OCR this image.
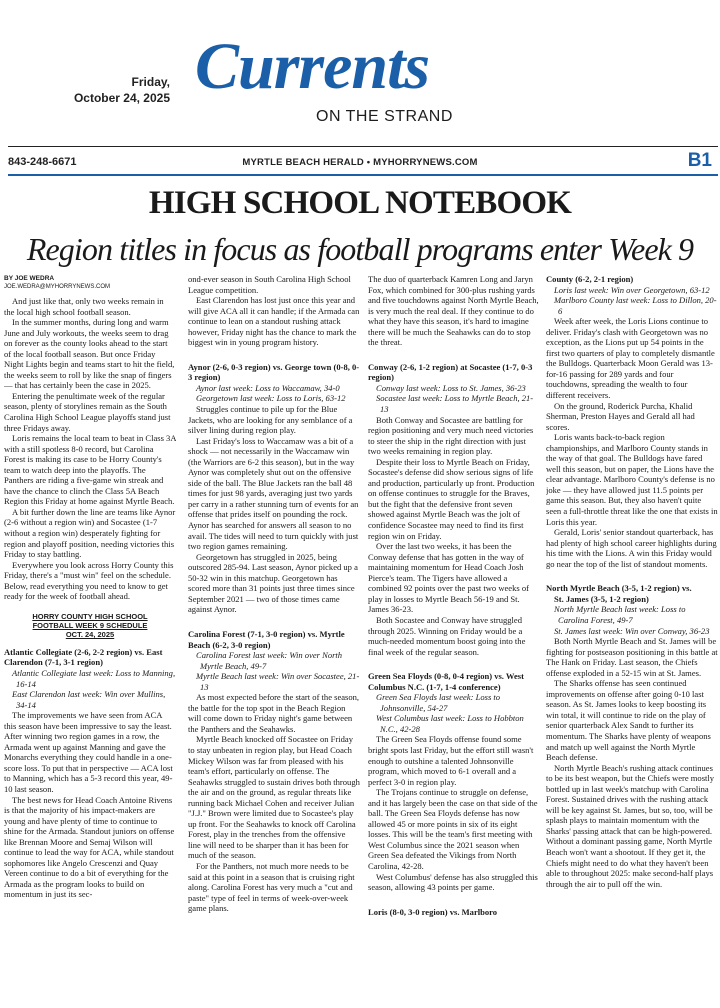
Friday,
October 24, 2025 Currents
ON THE STRAND
843-248-6671	MYRTLE BEACH HERALD • MYHORRYNEWS.COM	B1
HIGH SCHOOL NOTEBOOK
Region titles in focus as football programs enter Week 9
BY JOE WEDRA
JOE.WEDRA@MYHORRYNEWS.COM

And just like that, only two weeks remain in the local high school football season.

In the summer months, during long and warm June and July workouts, the weeks seem to drag on forever as the county looks ahead to the start of the local football season. But once Friday Night Lights begin and teams start to hit the field, the weeks seem to roll by like the snap of fingers — that has certainly been the case in 2025.

Entering the penultimate week of the regular season, plenty of storylines remain as the South Carolina High School League playoffs stand just three Fridays away.

Loris remains the local team to beat in Class 3A with a still spotless 8-0 record, but Carolina Forest is making its case to be Horry County's team to watch deep into the playoffs. The Panthers are riding a five-game win streak and have the chance to clinch the Class 5A Beach Region this Friday at home against Myrtle Beach.

A bit further down the line are teams like Aynor (2-6 without a region win) and Socastee (1-7 without a region win) desperately fighting for region and playoff position, needing victories this Friday to stay battling.

Everywhere you look across Horry County this Friday, there's a "must win" feel on the schedule. Below, read everything you need to know to get ready for the week of football ahead.

HORRY COUNTY HIGH SCHOOL
FOOTBALL WEEK 9 SCHEDULE
OCT. 24, 2025
Atlantic Collegiate (2-6, 2-2 region) vs. East Clarendon (7-1, 3-1 region)
Atlantic Collegiate last week: Loss to Manning, 16-14
East Clarendon last week: Win over Mullins, 34-14

The improvements we have seen from ACA this season have been impressive to say the least. After winning two region games in a row, the Armada went up against Manning and gave the Monarchs everything they could handle in a one-score loss. To put that in perspective — ACA lost to Manning, which has a 5-3 record this year, 49-10 last season.

The best news for Head Coach Antoine Rivens is that the majority of his impact-makers are young and have plenty of time to continue to shine for the Armada. Standout juniors on offense like Brennan Moore and Semaj Wilson will continue to lead the way for ACA, while standout sophomores like Angelo Crescenzi and Quay Vereen continue to do a bit of everything for the Armada as the program looks to build on momentum in just its sec-

ond-ever season in South Carolina High School League competition.

East Clarendon has lost just once this year and will give ACA all it can handle; if the Armada can continue to lean on a standout rushing attack however, Friday night has the chance to mark the biggest win in young program history.

Aynor (2-6, 0-3 region) vs. George town (0-8, 0-3 region)
Aynor last week: Loss to Waccamaw, 34-0
Georgetown last week: Loss to Loris, 63-12

Struggles continue to pile up for the Blue Jackets, who are looking for any semblance of a silver lining during region play.

Last Friday's loss to Waccamaw was a bit of a shock — not necessarily in the Waccamaw win (the Warriors are 6-2 this season), but in the way Aynor was completely shut out on the offensive side of the ball. The Blue Jackets ran the ball 48 times for just 98 yards, averaging just two yards per carry in a rather stunning turn of events for an offense that prides itself on pounding the rock. Aynor has searched for answers all season to no avail. The tides will need to turn quickly with just two region games remaining.

Georgetown has struggled in 2025, being outscored 285-94. Last season, Aynor picked up a 50-32 win in this matchup. Georgetown has scored more than 31 points just three times since September 2021 — two of those times came against Aynor.

Carolina Forest (7-1, 3-0 region) vs. Myrtle Beach (6-2, 3-0 region)
Carolina Forest last week: Win over North Myrtle Beach, 49-7
Myrtle Beach last week: Win over Socastee, 21-13

As most expected before the start of the season, the battle for the top spot in the Beach Region will come down to Friday night's game between the Panthers and the Seahawks.

Myrtle Beach knocked off Socastee on Friday to stay unbeaten in region play, but Head Coach Mickey Wilson was far from pleased with his team's effort, particularly on offense. The Seahawks struggled to sustain drives both through the air and on the ground, as regular threats like running back Michael Cohen and receiver Julian "J.J." Brown were limited due to Socastee's play up front. For the Seahawks to knock off Carolina Forest, play in the trenches from the offensive line will need to be sharper than it has been for much of the season.

For the Panthers, not much more needs to be said at this point in a season that is cruising right along. Carolina Forest has very much a "cut and paste" type of feel in terms of week-over-week game plans.

The duo of quarterback Kamren Long and Jaryn Fox, which combined for 300-plus rushing yards and five touchdowns against North Myrtle Beach, is very much the real deal. If they continue to do what they have this season, it's hard to imagine there will be much the Seahawks can do to stop the threat.

Conway (2-6, 1-2 region) at Socastee (1-7, 0-3 region)
Conway last week: Loss to St. James, 36-23
Socastee last week: Loss to Myrtle Beach, 21-13

Both Conway and Socastee are battling for region positioning and very much need victories to steer the ship in the right direction with just two weeks remaining in region play.

Despite their loss to Myrtle Beach on Friday, Socastee's defense did show serious signs of life and production, particularly up front. Production on offense continues to struggle for the Braves, but the fight that the defensive front seven showed against Myrtle Beach was the jolt of confidence Socastee may need to find its first region win on Friday.

Over the last two weeks, it has been the Conway defense that has gotten in the way of maintaining momentum for Head Coach Josh Pierce's team. The Tigers have allowed a combined 92 points over the past two weeks of play in losses to Myrtle Beach 56-19 and St. James 36-23.

Both Socastee and Conway have struggled through 2025. Winning on Friday would be a much-needed momentum boost going into the final week of the regular season.

Green Sea Floyds (0-8, 0-4 region) vs. West Columbus N.C. (1-7, 1-4 conference)
Green Sea Floyds last week: Loss to Johnsonville, 54-27
West Columbus last week: Loss to Hobbton N.C., 42-28

The Green Sea Floyds offense found some bright spots last Friday, but the effort still wasn't enough to outshine a talented Johnsonville program, which moved to 6-1 overall and a perfect 3-0 in region play.

The Trojans continue to struggle on defense, and it has largely been the case on that side of the ball. The Green Sea Floyds defense has now allowed 45 or more points in six of its eight losses. This will be the team's first meeting with West Columbus since the 2021 season when Green Sea defeated the Vikings from North Carolina, 42-28.

West Columbus' defense has also struggled this season, allowing 43 points per game.

Loris (8-0, 3-0 region) vs. Marlboro
County (6-2, 2-1 region)
Loris last week: Win over Georgetown, 63-12
Marlboro County last week: Loss to Dillon, 20-6

Week after week, the Loris Lions continue to deliver. Friday's clash with Georgetown was no exception, as the Lions put up 54 points in the first two quarters of play to completely dismantle the Bulldogs. Quarterback Moon Gerald was 13-for-16 passing for 289 yards and four touchdowns, spreading the wealth to four different receivers.

On the ground, Roderick Purcha, Khalid Sherman, Preston Hayes and Gerald all had scores.

Loris wants back-to-back region championships, and Marlboro County stands in the way of that goal. The Bulldogs have fared well this season, but on paper, the Lions have the clear advantage. Marlboro County's defense is no joke — they have allowed just 11.5 points per game this season. But, they also haven't quite seen a full-throttle threat like the one that exists in Loris this year.

Gerald, Loris' senior standout quarterback, has had plenty of high school career highlights during his time with the Lions. A win this Friday would go near the top of the list of standout moments.

North Myrtle Beach (3-5, 1-2 region) vs.
St. James (3-5, 1-2 region)
North Myrtle Beach last week: Loss to Carolina Forest, 49-7
St. James last week: Win over Conway, 36-23

Both North Myrtle Beach and St. James will be fighting for postseason positioning in this battle at The Hank on Friday. Last season, the Chiefs offense exploded in a 52-15 win at St. James.

The Sharks offense has seen continued improvements on offense after going 0-10 last season. As St. James looks to keep boosting its win total, it will continue to ride on the play of senior quarterback Alex Sandt to further its momentum. The Sharks have plenty of weapons and match up well against the North Myrtle Beach defense.

North Myrtle Beach's rushing attack continues to be its best weapon, but the Chiefs were mostly bottled up in last week's matchup with Carolina Forest. Sustained drives with the rushing attack will be key against St. James, but so, too, will be splash plays to maintain momentum with the Sharks' passing attack that can be high-powered. Without a dominant passing game, North Myrtle Beach won't want a shootout. If they get it, the Chiefs might need to do what they haven't been able to throughout 2025: make second-half plays through the air to pull off the win.
